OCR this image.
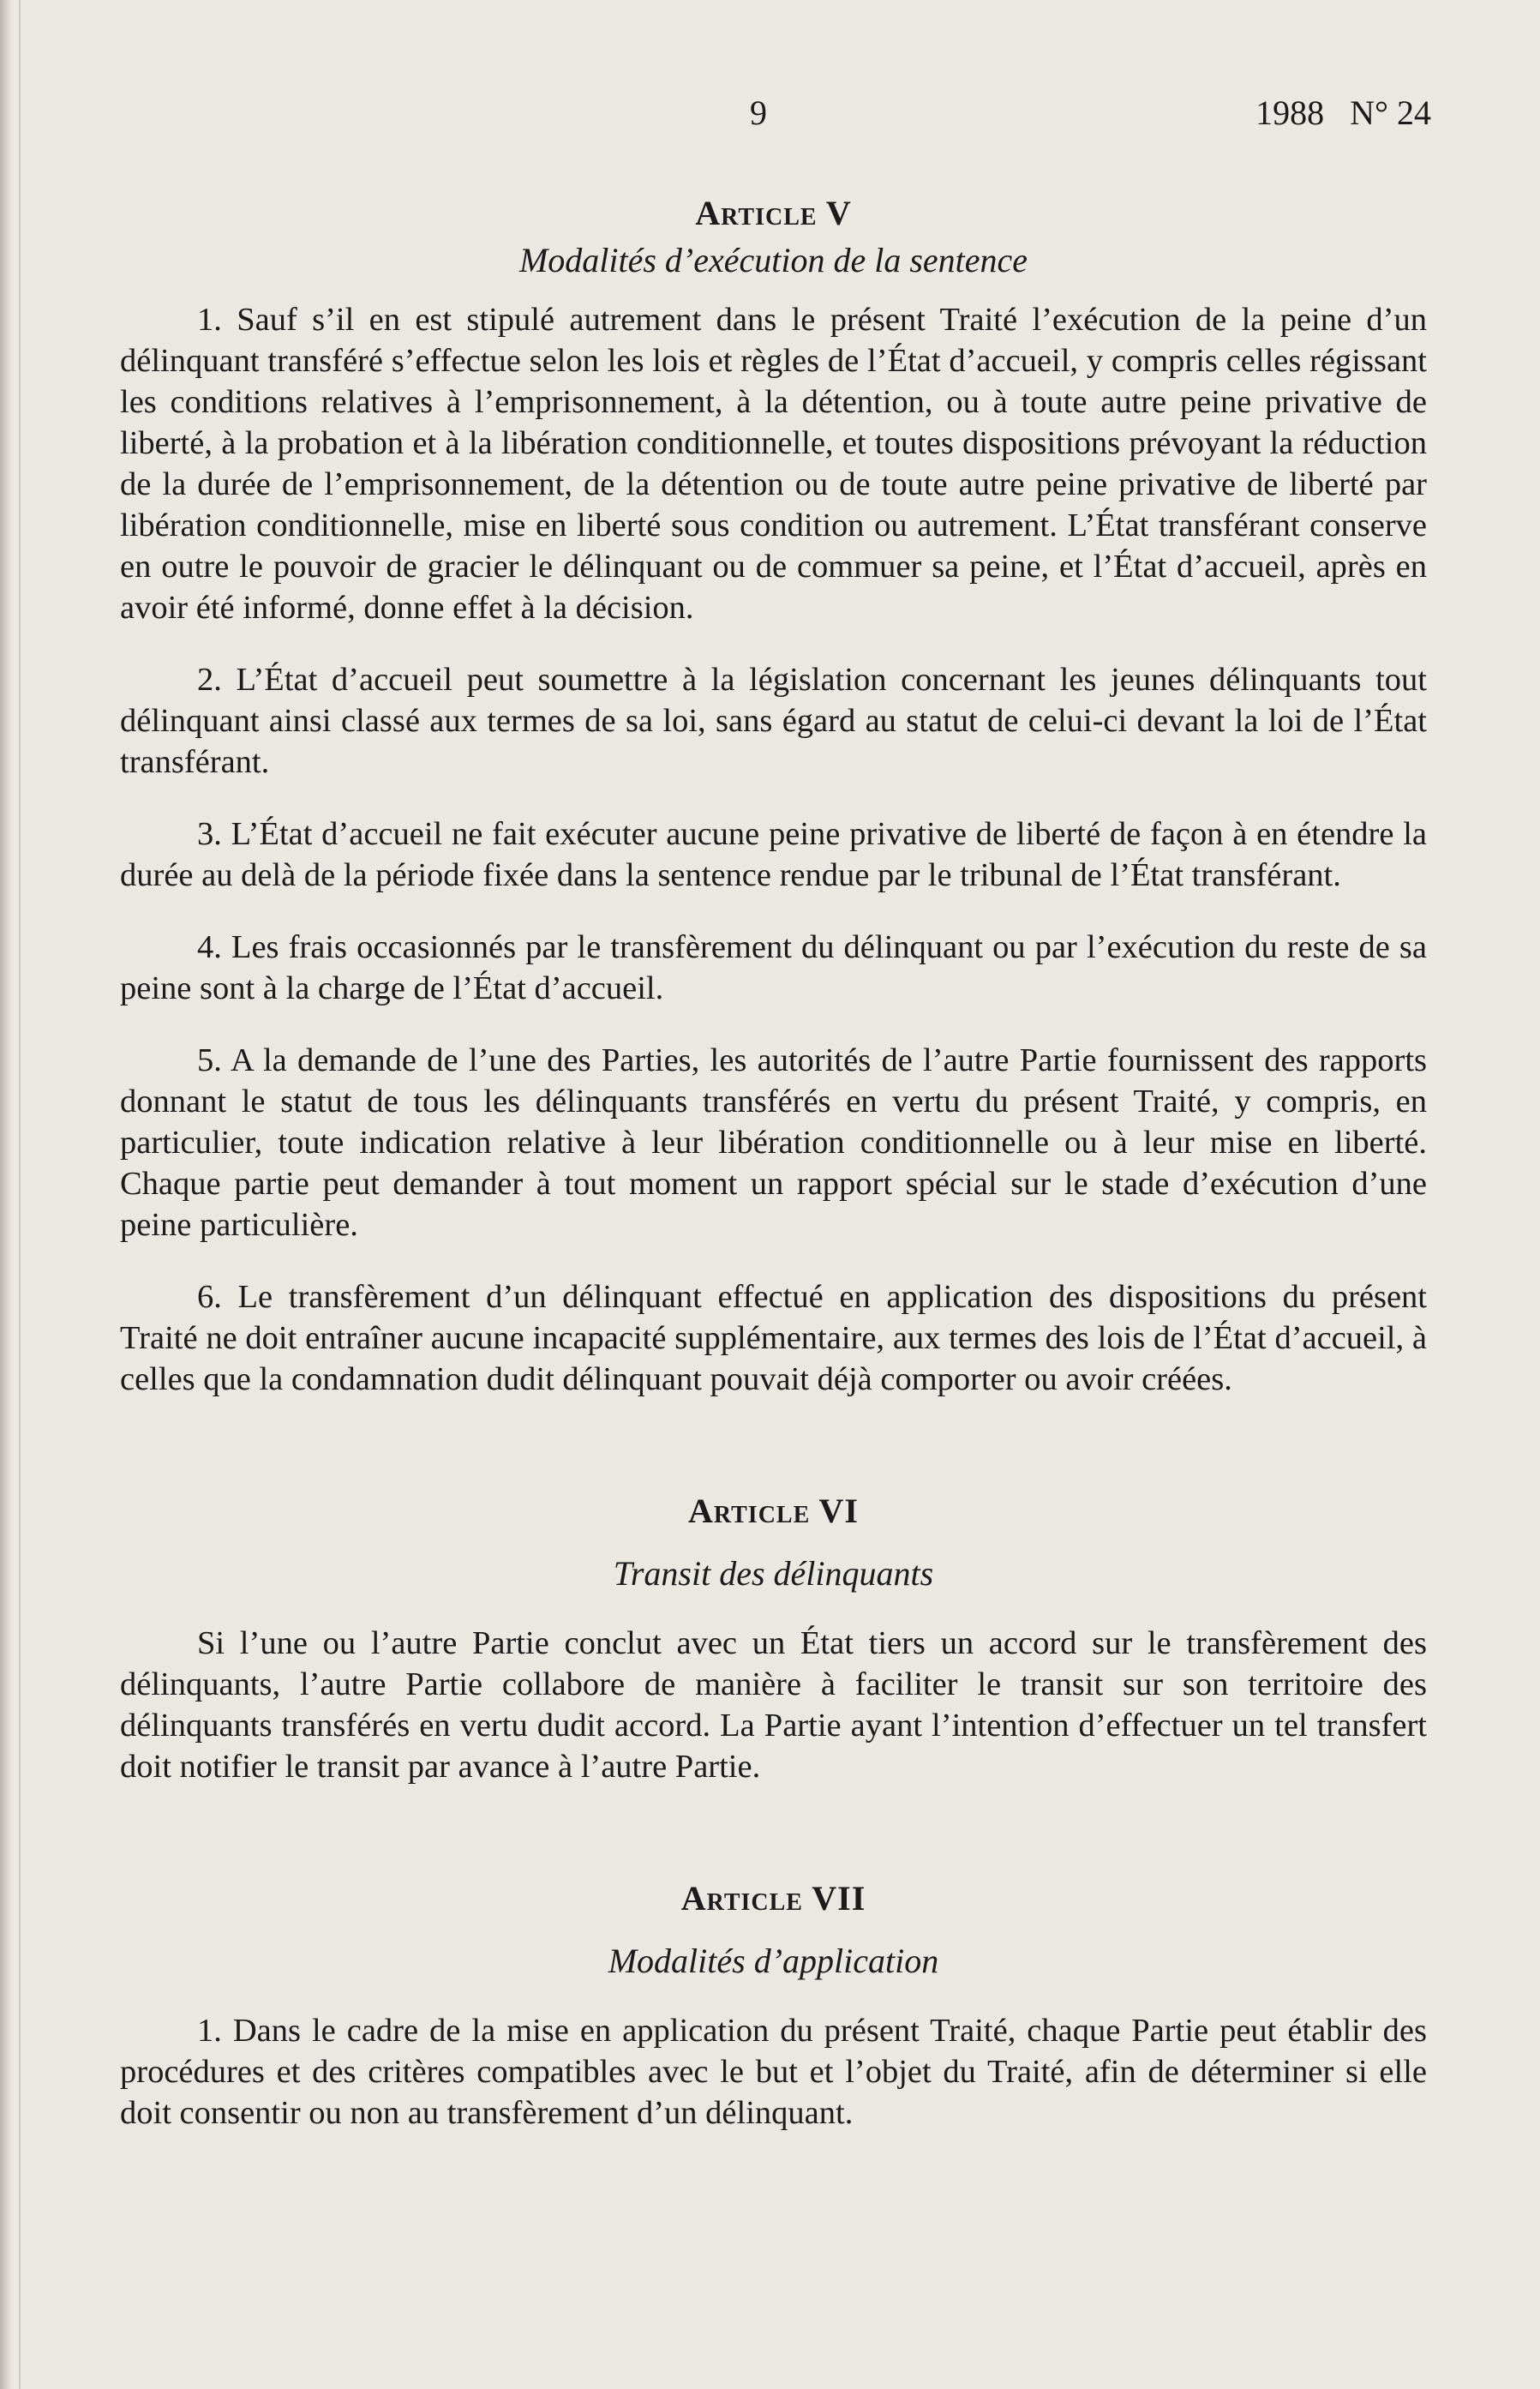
9	1988   N° 24
Article V
Modalités d’exécution de la sentence

1. Sauf s’il en est stipulé autrement dans le présent Traité l’exécution de la peine d’un délinquant transféré s’effectue selon les lois et règles de l’État d’accueil, y compris celles régissant les conditions relatives à l’emprisonnement, à la détention, ou à toute autre peine privative de liberté, à la probation et à la libération conditionnelle, et toutes dispositions prévoyant la réduction de la durée de l’emprisonnement, de la détention ou de toute autre peine privative de liberté par libération conditionnelle, mise en liberté sous condition ou autrement. L’État transférant conserve en outre le pouvoir de gracier le délinquant ou de commuer sa peine, et l’État d’accueil, après en avoir été informé, donne effet à la décision.

2. L’État d’accueil peut soumettre à la législation concernant les jeunes délinquants tout délinquant ainsi classé aux termes de sa loi, sans égard au statut de celui-ci devant la loi de l’État transférant.

3. L’État d’accueil ne fait exécuter aucune peine privative de liberté de façon à en étendre la durée au delà de la période fixée dans la sentence rendue par le tribunal de l’État transférant.

4. Les frais occasionnés par le transfèrement du délinquant ou par l’exécution du reste de sa peine sont à la charge de l’État d’accueil.

5. A la demande de l’une des Parties, les autorités de l’autre Partie fournissent des rapports donnant le statut de tous les délinquants transférés en vertu du présent Traité, y compris, en particulier, toute indication relative à leur libération conditionnelle ou à leur mise en liberté. Chaque partie peut demander à tout moment un rapport spécial sur le stade d’exécution d’une peine particulière.

6. Le transfèrement d’un délinquant effectué en application des dispositions du présent Traité ne doit entraîner aucune incapacité supplémentaire, aux termes des lois de l’État d’accueil, à celles que la condamnation dudit délinquant pouvait déjà comporter ou avoir créées.

Article VI
Transit des délinquants

Si l’une ou l’autre Partie conclut avec un État tiers un accord sur le transfèrement des délinquants, l’autre Partie collabore de manière à faciliter le transit sur son territoire des délinquants transférés en vertu dudit accord. La Partie ayant l’intention d’effectuer un tel transfert doit notifier le transit par avance à l’autre Partie.

Article VII
Modalités d’application

1. Dans le cadre de la mise en application du présent Traité, chaque Partie peut établir des procédures et des critères compatibles avec le but et l’objet du Traité, afin de déterminer si elle doit consentir ou non au transfèrement d’un délinquant.
